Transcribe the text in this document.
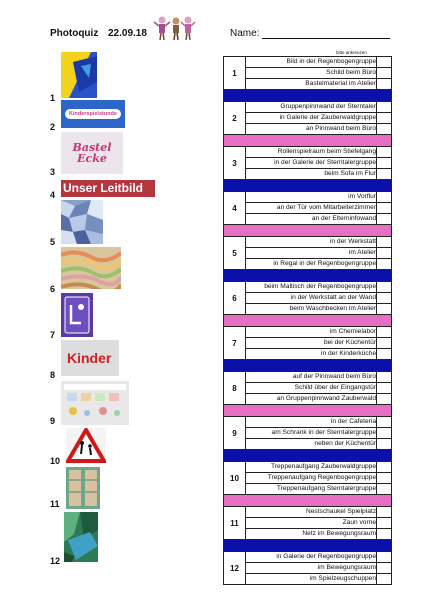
Photoquiz 22.09.18	Name:
bitte ankreuzen
1
2
3
4
5
6
7
8
9
10
11
12
Kinderspielstunde
Bastel Ecke
Unser Leitbild
Kinder
1	Bild in der Regenbogengruppe	
	Schild beim Büro	
	Bastelmaterial im Atelier	

2	Gruppenpinnwand der Sterntaler	
	in Galerie der Zauberwaldgruppe	
	an Pinnwand beim Büro	

3	Rollenspielraum beim Stiefelgang	
	in der Galerie der Sterntalergruppe	
	beim Sofa im Flur	

4	im Vorflur	
	an der Tür vom Mitarbeiterzimmer	
	an der Elterninfowand	

5	in der Werkstatt	
	im Atelier	
	in Regal in der Regenbogengruppe	

6	beim Maltisch der Regenbogengruppe	
	in der Werkstatt an der Wand	
	beim Waschbecken im Atelier	

7	im Chemielabor	
	bei der Küchentür	
	in der Kinderküche	

8	auf der Pinnwand beim Büro	
	Schild über der Eingangstür	
	an Gruppenpinnwand Zauberwald	

9	in der Cafeteria	
	am Schrank in der Sterntalergruppe	
	neben der Küchentür	

10	Treppenaufgang Zauberwaldgruppe	
	Treppenaufgang Regenbogengruppe	
	Treppenaufgang Sterntalergruppe	

11	Nestschaukel Spielplatz	
	Zaun vorne	
	Netz im Bewegungsraum	

12	in Galerie der Regenbogengruppe	
	im Bewegungsraum	
	im Spielzeugschuppen	
